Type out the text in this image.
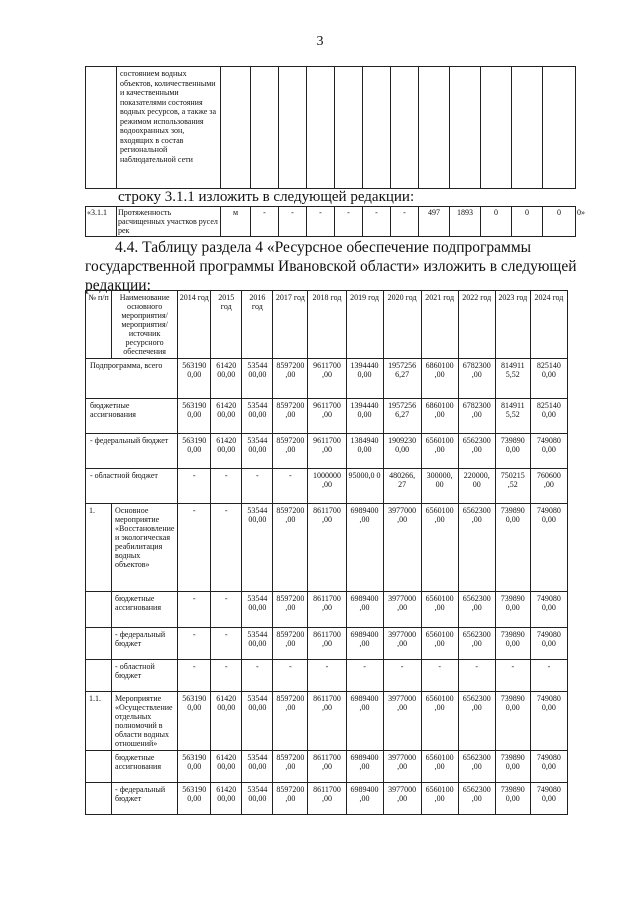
3
	состоянием водных объектов, количественными и качественными показателями состояния водных ресурсов, а также за режимом использования водоохранных зон, входящих в состав региональной наблюдательной сети												
строку 3.1.1 изложить в следующей редакции:
«3.1.1	Протяженность расчищенных участков русел рек	м	-	-	-	-	-	-	497	1893	0	0	0	0»
4.4. Таблицу раздела 4 «Ресурсное обеспечение подпрограммы
государственной программы Ивановской области» изложить в следующей
редакции:
№ п/п	Наименование основного мероприятия/ мероприятия/ источник ресурсного обеспечения	2014 год	2015 год	2016 год	2017 год	2018 год	2019 год	2020 год	2021 год	2022 год	2023 год	2024 год
Подпрограмма, всего		563190 0,00	61420 00,00	53544 00,00	8597200 ,00	9611700 ,00	1394440 0,00	1957256 6,27	6860100 ,00	6782300 ,00	814911 5,52	825140 0,00
бюджетные ассигнования		563190 0,00	61420 00,00	53544 00,00	8597200 ,00	9611700 ,00	1394440 0,00	1957256 6,27	6860100 ,00	6782300 ,00	814911 5,52	825140 0,00
- федеральный бюджет		563190 0,00	61420 00,00	53544 00,00	8597200 ,00	9611700 ,00	1384940 0,00	1909230 0,00	6560100 ,00	6562300 ,00	739890 0,00	749080 0,00
- областной бюджет		-	-	-	-	1000000 ,00	95000,0 0	480266, 27	300000, 00	220000, 00	750215 ,52	760600 ,00
1.	Основное мероприятие «Восстановление и экологическая реабилитация водных объектов»	-	-	53544 00,00	8597200 ,00	8611700 ,00	6989400 ,00	3977000 ,00	6560100 ,00	6562300 ,00	739890 0,00	749080 0,00
	бюджетные ассигнования	-	-	53544 00,00	8597200 ,00	8611700 ,00	6989400 ,00	3977000 ,00	6560100 ,00	6562300 ,00	739890 0,00	749080 0,00
	- федеральный бюджет	-	-	53544 00,00	8597200 ,00	8611700 ,00	6989400 ,00	3977000 ,00	6560100 ,00	6562300 ,00	739890 0,00	749080 0,00
	- областной бюджет	-	-	-	-	-	-	-	-	-	-	-
1.1.	Мероприятие «Осуществление отдельных полномочий в области водных отношений»	563190 0,00	61420 00,00	53544 00,00	8597200 ,00	8611700 ,00	6989400 ,00	3977000 ,00	6560100 ,00	6562300 ,00	739890 0,00	749080 0,00
	бюджетные ассигнования	563190 0,00	61420 00,00	53544 00,00	8597200 ,00	8611700 ,00	6989400 ,00	3977000 ,00	6560100 ,00	6562300 ,00	739890 0,00	749080 0,00
	- федеральный бюджет	563190 0,00	61420 00,00	53544 00,00	8597200 ,00	8611700 ,00	6989400 ,00	3977000 ,00	6560100 ,00	6562300 ,00	739890 0,00	749080 0,00
